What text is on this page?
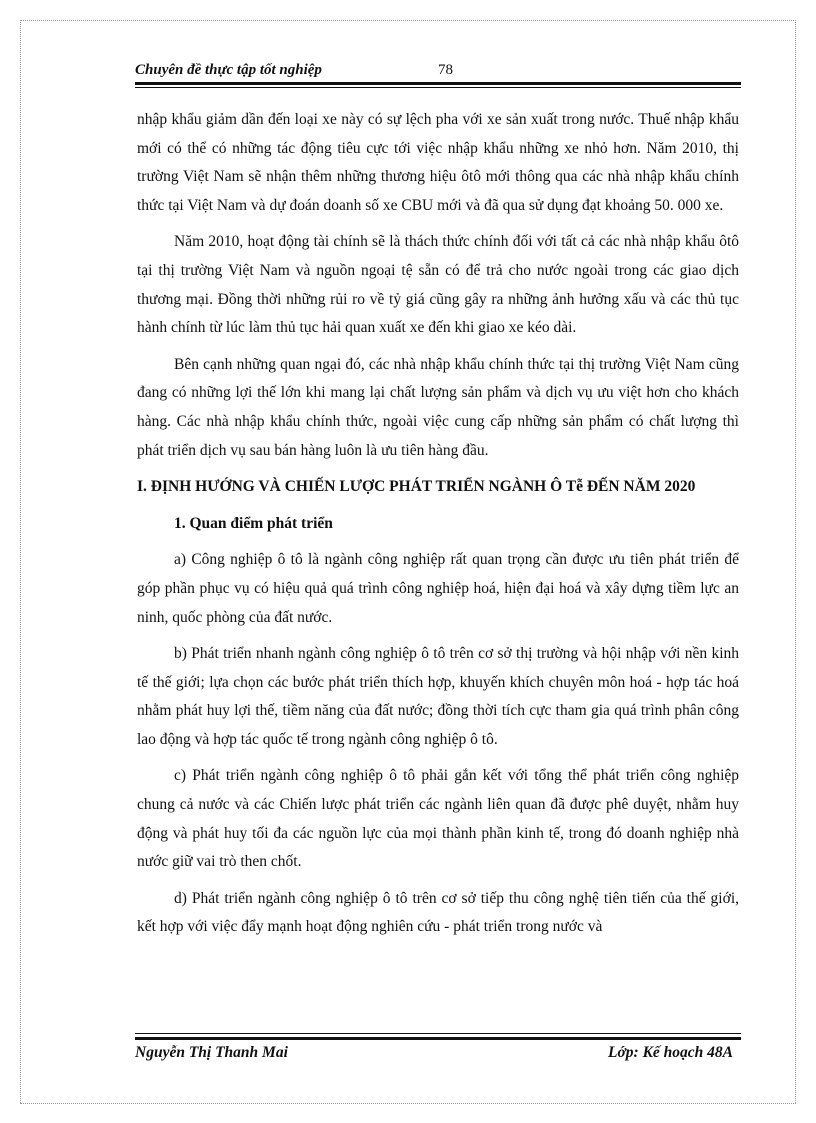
Chuyên đề thực tập tốt nghiệp	78

nhập khẩu giảm dần đến loại xe này có sự lệch pha với xe sản xuất trong nước. Thuế nhập khẩu mới có thể có những tác động tiêu cực tới việc nhập khẩu những xe nhỏ hơn. Năm 2010, thị trường Việt Nam sẽ nhận thêm những thương hiệu ôtô mới thông qua các nhà nhập khẩu chính thức tại Việt Nam và dự đoán doanh số xe CBU mới và đã qua sử dụng đạt khoảng 50. 000 xe.

Năm 2010, hoạt động tài chính sẽ là thách thức chính đối với tất cả các nhà nhập khẩu ôtô tại thị trường Việt Nam và nguồn ngoại tệ sẵn có để trả cho nước ngoài trong các giao dịch thương mại. Đồng thời những rủi ro về tỷ giá cũng gây ra những ảnh hưởng xấu và các thủ tục hành chính từ lúc làm thủ tục hải quan xuất xe đến khi giao xe kéo dài.

Bên cạnh những quan ngại đó, các nhà nhập khẩu chính thức tại thị trường Việt Nam cũng đang có những lợi thế lớn khi mang lại chất lượng sản phẩm và dịch vụ ưu việt hơn cho khách hàng. Các nhà nhập khẩu chính thức, ngoài việc cung cấp những sản phẩm có chất lượng thì phát triển dịch vụ sau bán hàng luôn là ưu tiên hàng đầu.

I. ĐỊNH HƯỚNG VÀ CHIẾN LƯỢC PHÁT TRIỂN NGÀNH Ô Tễ ĐẾN NĂM 2020
1. Quan điểm phát triển

a) Công nghiệp ô tô là ngành công nghiệp rất quan trọng cần được ưu tiên phát triển để góp phần phục vụ có hiệu quả quá trình công nghiệp hoá, hiện đại hoá và xây dựng tiềm lực an ninh, quốc phòng của đất nước.

b) Phát triển nhanh ngành công nghiệp ô tô trên cơ sở thị trường và hội nhập với nền kinh tế thế giới; lựa chọn các bước phát triển thích hợp, khuyến khích chuyên môn hoá - hợp tác hoá nhằm phát huy lợi thế, tiềm năng của đất nước; đồng thời tích cực tham gia quá trình phân công lao động và hợp tác quốc tế trong ngành công nghiệp ô tô.

c) Phát triển ngành công nghiệp ô tô phải gắn kết với tổng thể phát triển công nghiệp chung cả nước và các Chiến lược phát triển các ngành liên quan đã được phê duyệt, nhằm huy động và phát huy tối đa các nguồn lực của mọi thành phần kinh tế, trong đó doanh nghiệp nhà nước giữ vai trò then chốt.

d) Phát triển ngành công nghiệp ô tô trên cơ sở tiếp thu công nghệ tiên tiến của thế giới, kết hợp với việc đẩy mạnh hoạt động nghiên cứu - phát triển trong nước và

Nguyễn Thị Thanh Mai	Lớp: Kế hoạch 48A
